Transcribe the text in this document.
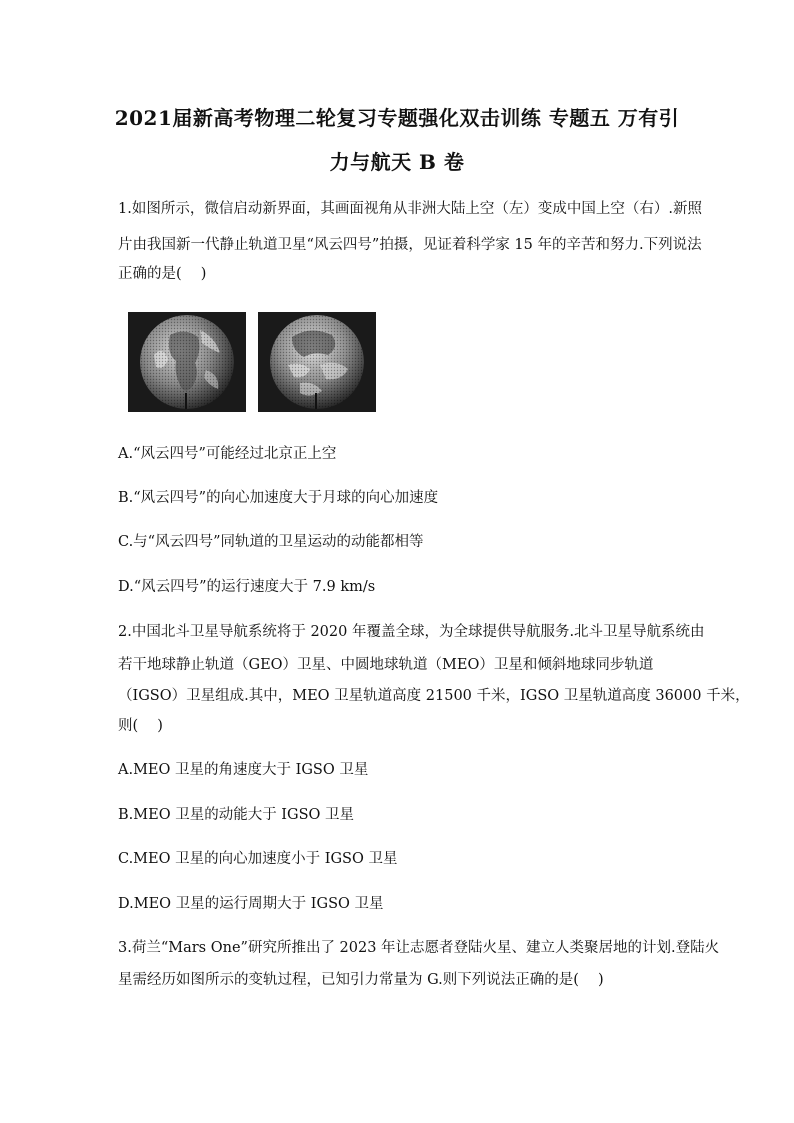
2021届新高考物理二轮复习专题强化双击训练 专题五 万有引
力与航天 B 卷
1.如图所示，微信启动新界面，其画面视角从非洲大陆上空（左）变成中国上空（右）.新照
片由我国新一代静止轨道卫星“风云四号”拍摄，见证着科学家 15 年的辛苦和努力.下列说法
正确的是(　 )
A.“风云四号”可能经过北京正上空
B.“风云四号”的向心加速度大于月球的向心加速度
C.与“风云四号”同轨道的卫星运动的动能都相等
D.“风云四号”的运行速度大于 7.9 km/s
2.中国北斗卫星导航系统将于 2020 年覆盖全球，为全球提供导航服务.北斗卫星导航系统由
若干地球静止轨道（GEO）卫星、中圆地球轨道（MEO）卫星和倾斜地球同步轨道
（IGSO）卫星组成.其中，MEO 卫星轨道高度 21500 千米，IGSO 卫星轨道高度 36000 千米，
则(　 )
A.MEO 卫星的角速度大于 IGSO 卫星
B.MEO 卫星的动能大于 IGSO 卫星
C.MEO 卫星的向心加速度小于 IGSO 卫星
D.MEO 卫星的运行周期大于 IGSO 卫星
3.荷兰“Mars One”研究所推出了 2023 年让志愿者登陆火星、建立人类聚居地的计划.登陆火
星需经历如图所示的变轨过程，已知引力常量为 G.则下列说法正确的是(　 )
